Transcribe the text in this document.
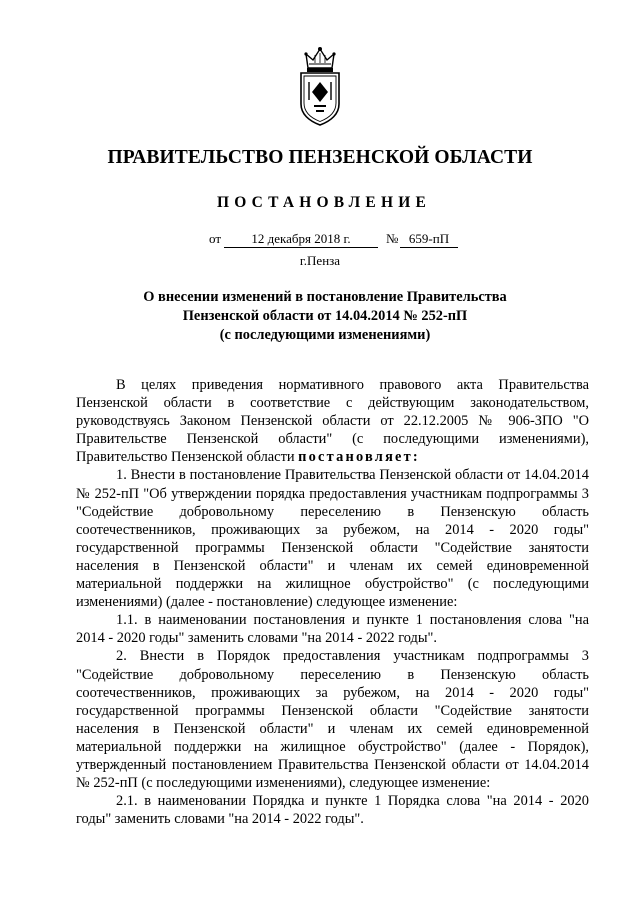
ПРАВИТЕЛЬСТВО ПЕНЗЕНСКОЙ ОБЛАСТИ
ПОСТАНОВЛЕНИЕ
от	12 декабря 2018 г.	№ 659-пП
г.Пенза
О внесении изменений в постановление Правительства
Пензенской области от 14.04.2014 № 252-пП
(с последующими изменениями)

В целях приведения нормативного правового акта Правительства Пензенской области в соответствие с действующим законодательством, руководствуясь Законом Пензенской области от 22.12.2005 № 906-ЗПО "О Правительстве Пензенской области" (с последующими изменениями), Правительство Пензенской области постановляет:

1. Внести в постановление Правительства Пензенской области от 14.04.2014 № 252-пП "Об утверждении порядка предоставления участникам подпрограммы 3 "Содействие добровольному переселению в Пензенскую область соотечественников, проживающих за рубежом, на 2014 - 2020 годы" государственной программы Пензенской области "Содействие занятости населения в Пензенской области" и членам их семей единовременной материальной поддержки на жилищное обустройство" (с последующими изменениями) (далее - постановление) следующее изменение:

1.1. в наименовании постановления и пункте 1 постановления слова "на 2014 - 2020 годы" заменить словами "на 2014 - 2022 годы".

2. Внести в Порядок предоставления участникам подпрограммы 3 "Содействие добровольному переселению в Пензенскую область соотечественников, проживающих за рубежом, на 2014 - 2020 годы" государственной программы Пензенской области "Содействие занятости населения в Пензенской области" и членам их семей единовременной материальной поддержки на жилищное обустройство" (далее - Порядок), утвержденный постановлением Правительства Пензенской области от 14.04.2014 № 252-пП (с последующими изменениями), следующее изменение:

2.1. в наименовании Порядка и пункте 1 Порядка слова "на 2014 - 2020 годы" заменить словами "на 2014 - 2022 годы".
